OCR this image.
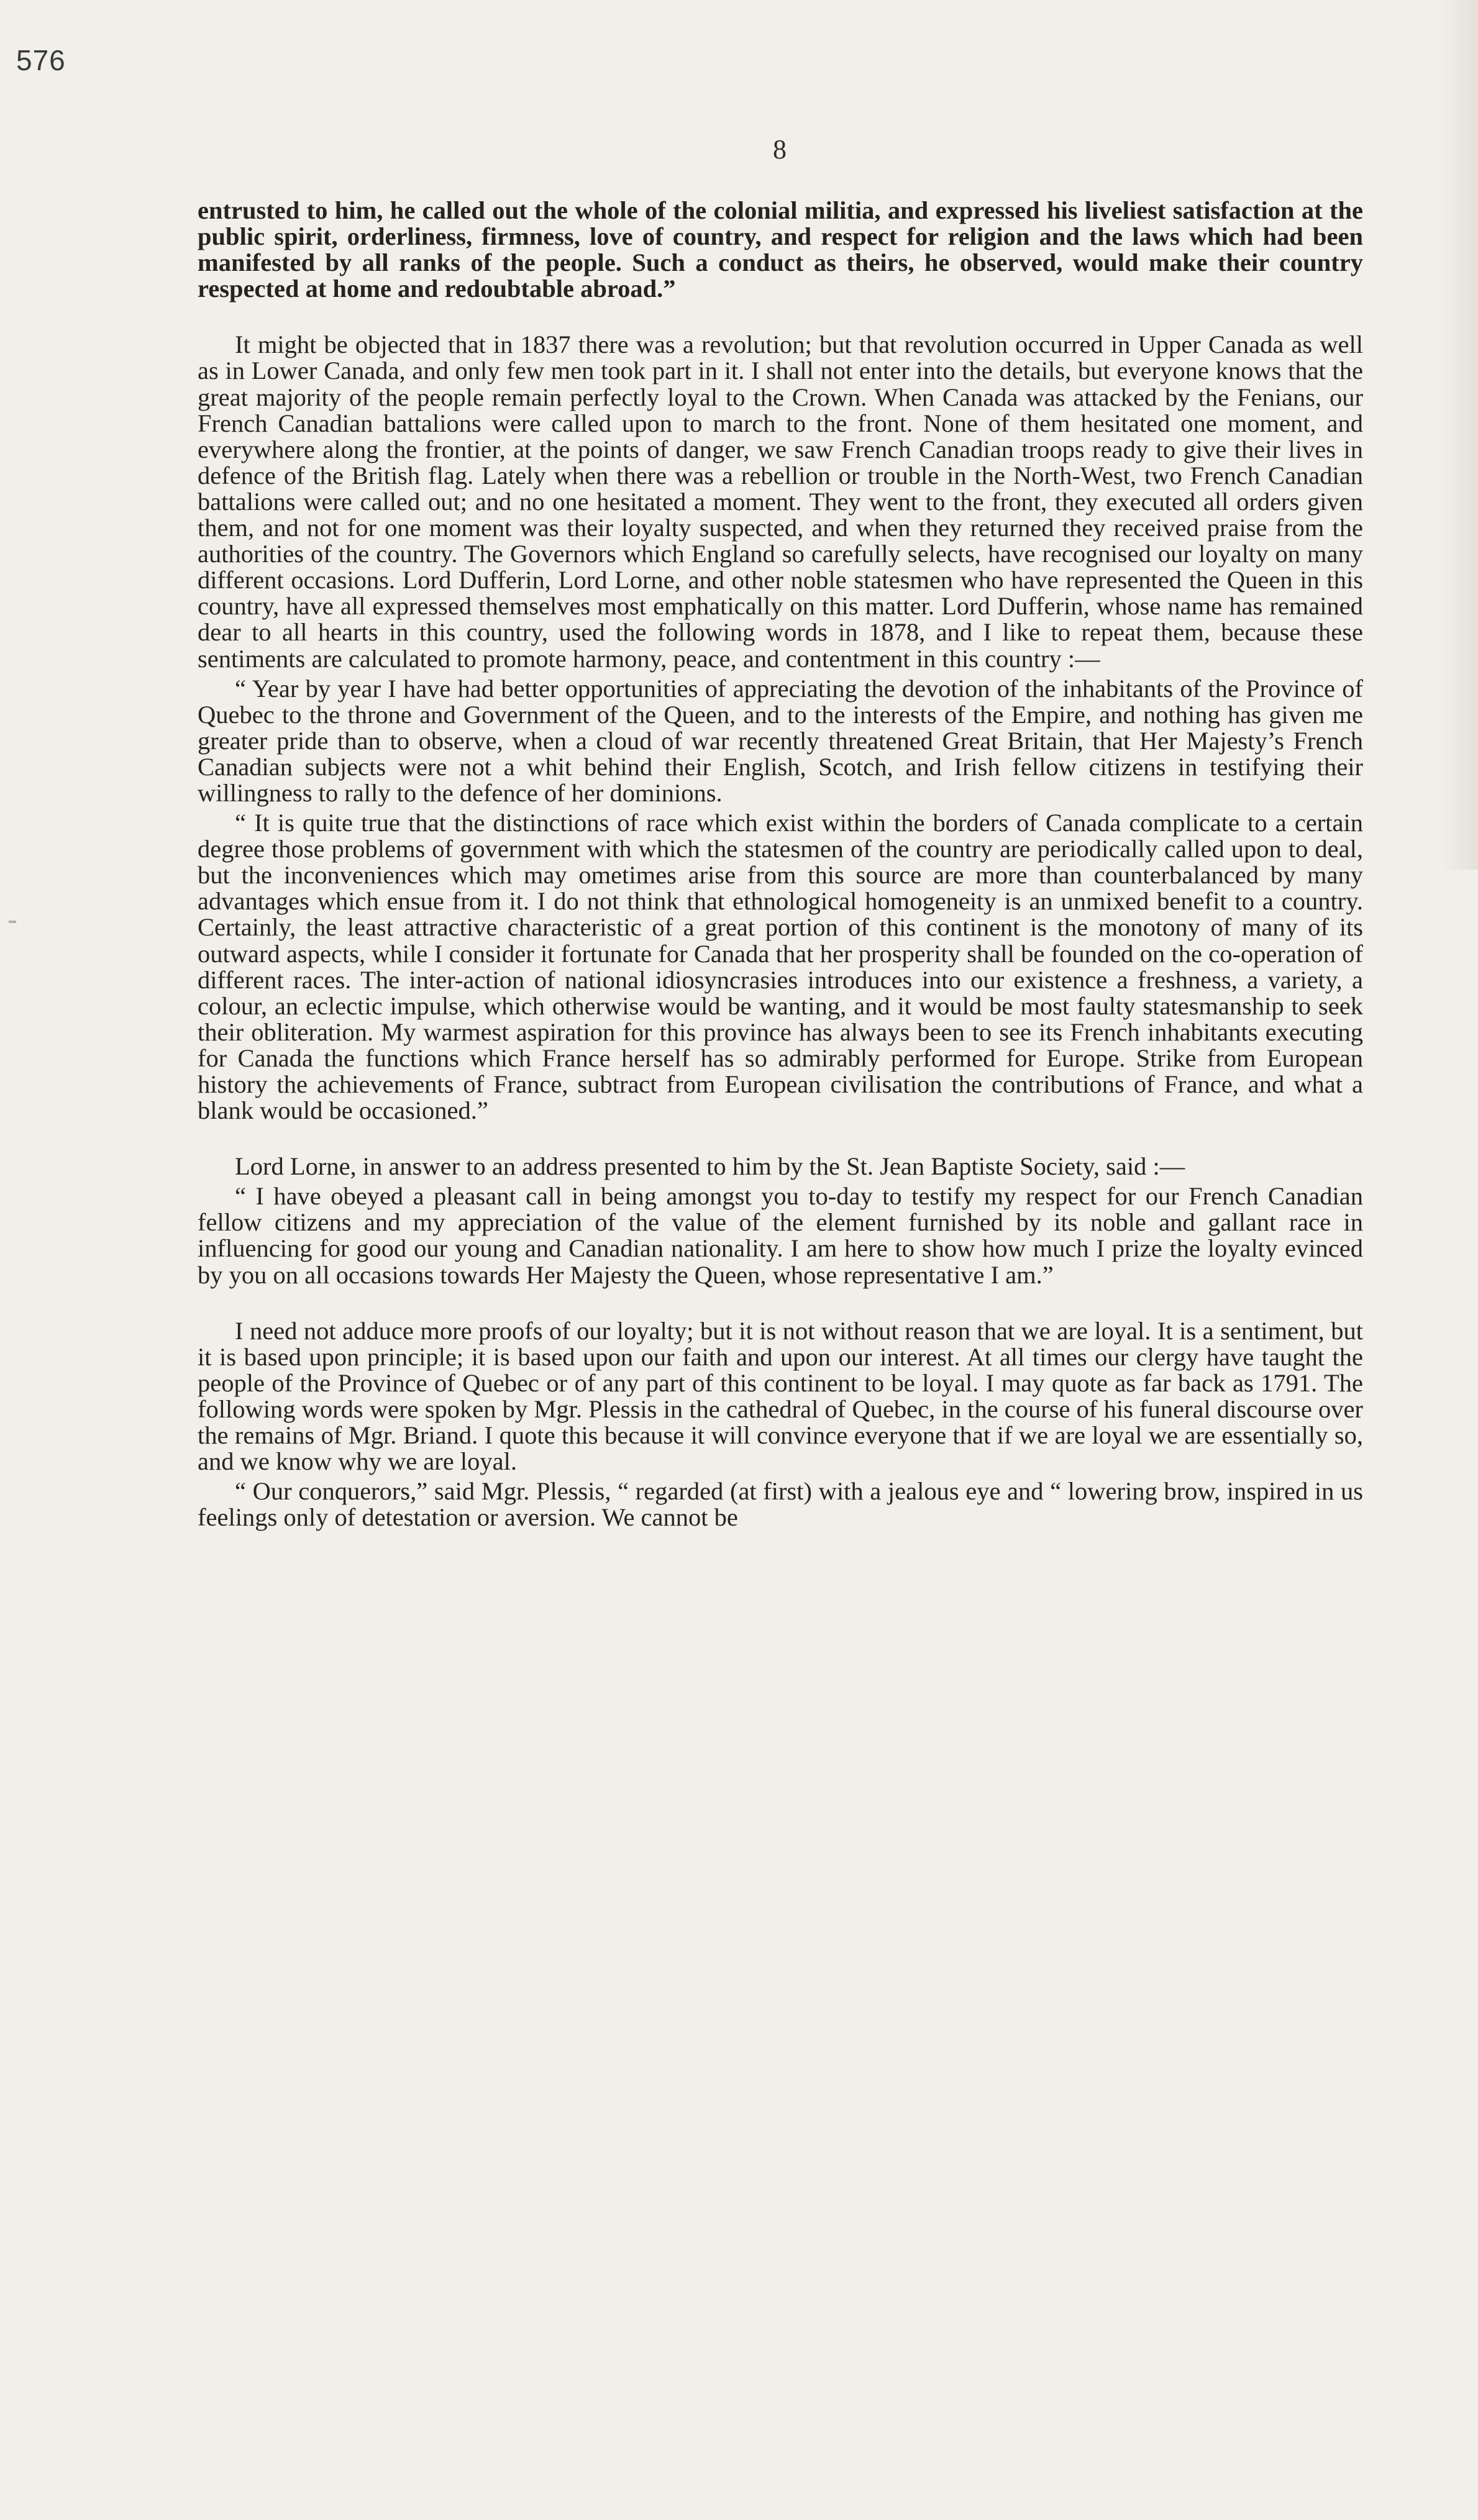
576
8

entrusted to him, he called out the whole of the colonial militia, and expressed his liveliest satisfaction at the public spirit, orderliness, firmness, love of country, and respect for religion and the laws which had been manifested by all ranks of the people. Such a conduct as theirs, he observed, would make their country respected at home and redoubtable abroad.”

It might be objected that in 1837 there was a revolution; but that revolution occurred in Upper Canada as well as in Lower Canada, and only few men took part in it. I shall not enter into the details, but everyone knows that the great majority of the people remain perfectly loyal to the Crown. When Canada was attacked by the Fenians, our French Canadian battalions were called upon to march to the front. None of them hesitated one moment, and everywhere along the frontier, at the points of danger, we saw French Canadian troops ready to give their lives in defence of the British flag. Lately when there was a rebellion or trouble in the North-West, two French Canadian battalions were called out; and no one hesitated a moment. They went to the front, they executed all orders given them, and not for one moment was their loyalty suspected, and when they returned they received praise from the authorities of the country. The Governors which England so carefully selects, have recognised our loyalty on many different occasions. Lord Dufferin, Lord Lorne, and other noble statesmen who have represented the Queen in this country, have all expressed themselves most emphatically on this matter. Lord Dufferin, whose name has remained dear to all hearts in this country, used the following words in 1878, and I like to repeat them, because these sentiments are calculated to promote harmony, peace, and contentment in this country :—

“ Year by year I have had better opportunities of appreciating the devotion of the inhabitants of the Province of Quebec to the throne and Government of the Queen, and to the interests of the Empire, and nothing has given me greater pride than to observe, when a cloud of war recently threatened Great Britain, that Her Majesty’s French Canadian subjects were not a whit behind their English, Scotch, and Irish fellow citizens in testifying their willingness to rally to the defence of her dominions.

“ It is quite true that the distinctions of race which exist within the borders of Canada complicate to a certain degree those problems of government with which the statesmen of the country are periodically called upon to deal, but the inconveniences which may ometimes arise from this source are more than counterbalanced by many advantages which ensue from it. I do not think that ethnological homogeneity is an unmixed benefit to a country. Certainly, the least attractive characteristic of a great portion of this continent is the monotony of many of its outward aspects, while I consider it fortunate for Canada that her prosperity shall be founded on the co-operation of different races. The inter-action of national idiosyncrasies introduces into our existence a freshness, a variety, a colour, an eclectic impulse, which otherwise would be wanting, and it would be most faulty statesmanship to seek their obliteration. My warmest aspiration for this province has always been to see its French inhabitants executing for Canada the functions which France herself has so admirably performed for Europe. Strike from European history the achievements of France, subtract from European civilisation the contributions of France, and what a blank would be occasioned.”

Lord Lorne, in answer to an address presented to him by the St. Jean Baptiste Society, said :—

“ I have obeyed a pleasant call in being amongst you to-day to testify my respect for our French Canadian fellow citizens and my appreciation of the value of the element furnished by its noble and gallant race in influencing for good our young and Canadian nationality. I am here to show how much I prize the loyalty evinced by you on all occasions towards Her Majesty the Queen, whose representative I am.”

I need not adduce more proofs of our loyalty; but it is not without reason that we are loyal. It is a sentiment, but it is based upon principle; it is based upon our faith and upon our interest. At all times our clergy have taught the people of the Province of Quebec or of any part of this continent to be loyal. I may quote as far back as 1791. The following words were spoken by Mgr. Plessis in the cathedral of Quebec, in the course of his funeral discourse over the remains of Mgr. Briand. I quote this because it will convince everyone that if we are loyal we are essentially so, and we know why we are loyal.

“ Our conquerors,” said Mgr. Plessis, “ regarded (at first) with a jealous eye and “ lowering brow, inspired in us feelings only of detestation or aversion. We cannot be
